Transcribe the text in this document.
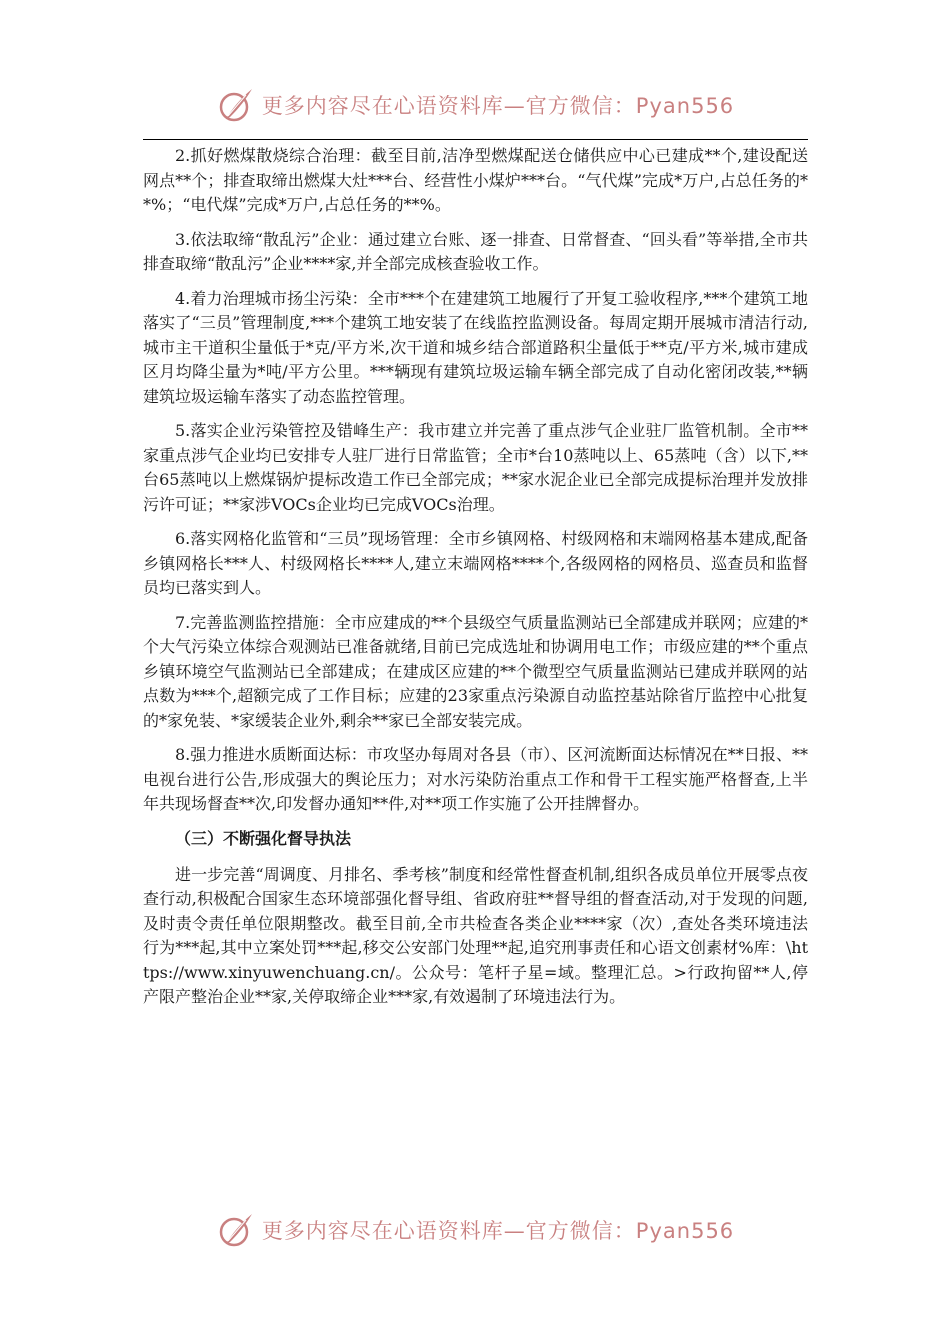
更多内容尽在心语资料库—官方微信：Pyan556

2.抓好燃煤散烧综合治理：截至目前,洁净型燃煤配送仓储供应中心已建成**个,建设配送网点**个；排查取缔出燃煤大灶***台、经营性小煤炉***台。“气代煤”完成*万户,占总任务的**%；“电代煤”完成*万户,占总任务的**%。

3.依法取缔“散乱污”企业：通过建立台账、逐一排查、日常督查、“回头看”等举措,全市共排查取缔“散乱污”企业****家,并全部完成核查验收工作。

4.着力治理城市扬尘污染：全市***个在建建筑工地履行了开复工验收程序,***个建筑工地落实了“三员”管理制度,***个建筑工地安装了在线监控监测设备。每周定期开展城市清洁行动,城市主干道积尘量低于*克/平方米,次干道和城乡结合部道路积尘量低于**克/平方米,城市建成区月均降尘量为*吨/平方公里。***辆现有建筑垃圾运输车辆全部完成了自动化密闭改装,**辆建筑垃圾运输车落实了动态监控管理。

5.落实企业污染管控及错峰生产：我市建立并完善了重点涉气企业驻厂监管机制。全市**家重点涉气企业均已安排专人驻厂进行日常监管；全市*台10蒸吨以上、65蒸吨（含）以下,**台65蒸吨以上燃煤锅炉提标改造工作已全部完成；**家水泥企业已全部完成提标治理并发放排污许可证；**家涉VOCs企业均已完成VOCs治理。

6.落实网格化监管和“三员”现场管理：全市乡镇网格、村级网格和末端网格基本建成,配备乡镇网格长***人、村级网格长****人,建立末端网格****个,各级网格的网格员、巡查员和监督员均已落实到人。

7.完善监测监控措施：全市应建成的**个县级空气质量监测站已全部建成并联网；应建的*个大气污染立体综合观测站已准备就绪,目前已完成选址和协调用电工作；市级应建的**个重点乡镇环境空气监测站已全部建成；在建成区应建的**个微型空气质量监测站已建成并联网的站点数为***个,超额完成了工作目标；应建的23家重点污染源自动监控基站除省厅监控中心批复的*家免装、*家缓装企业外,剩余**家已全部安装完成。

8.强力推进水质断面达标：市攻坚办每周对各县（市）、区河流断面达标情况在**日报、**电视台进行公告,形成强大的舆论压力；对水污染防治重点工作和骨干工程实施严格督查,上半年共现场督查**次,印发督办通知**件,对**项工作实施了公开挂牌督办。

（三）不断强化督导执法

进一步完善“周调度、月排名、季考核”制度和经常性督查机制,组织各成员单位开展零点夜查行动,积极配合国家生态环境部强化督导组、省政府驻**督导组的督查活动,对于发现的问题,及时责令责任单位限期整改。截至目前,全市共检查各类企业****家（次）,查处各类环境违法行为***起,其中立案处罚***起,移交公安部门处理**起,追究刑事责任和心语文创素材%库：\https://www.xinyuwenchuang.cn/。公众号：笔杆子星=域。整理汇总。>行政拘留**人,停产限产整治企业**家,关停取缔企业***家,有效遏制了环境违法行为。

更多内容尽在心语资料库—官方微信：Pyan556
